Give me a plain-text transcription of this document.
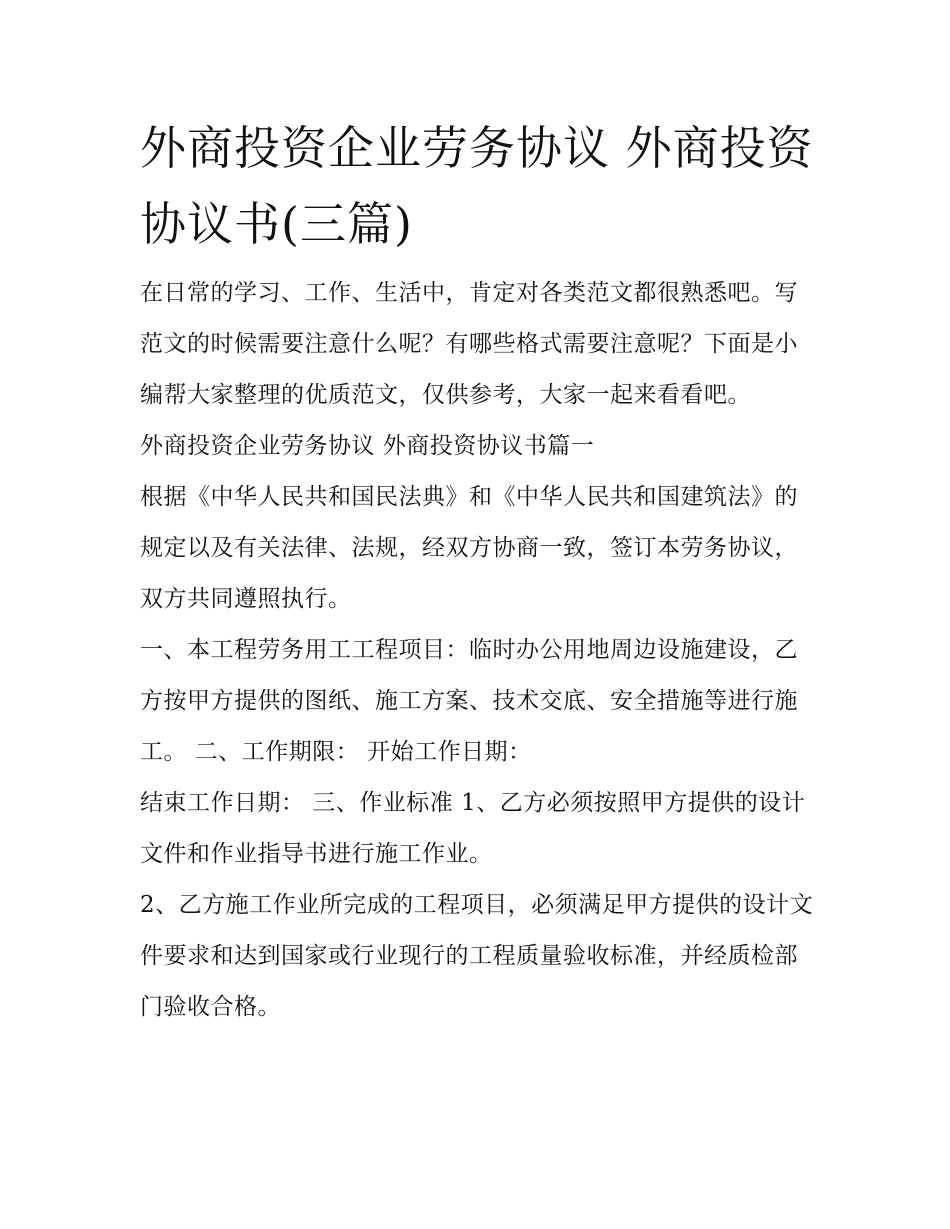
外商投资企业劳务协议 外商投资协议书(三篇)

在日常的学习、工作、生活中，肯定对各类范文都很熟悉吧。写范文的时候需要注意什么呢？有哪些格式需要注意呢？下面是小编帮大家整理的优质范文，仅供参考，大家一起来看看吧。

外商投资企业劳务协议 外商投资协议书篇一

根据《中华人民共和国民法典》和《中华人民共和国建筑法》的规定以及有关法律、法规，经双方协商一致，签订本劳务协议，双方共同遵照执行。

一、本工程劳务用工工程项目：临时办公用地周边设施建设，乙方按甲方提供的图纸、施工方案、技术交底、安全措施等进行施工。 二、工作期限： 开始工作日期：

结束工作日期： 三、作业标准 1、乙方必须按照甲方提供的设计文件和作业指导书进行施工作业。

2、乙方施工作业所完成的工程项目，必须满足甲方提供的设计文件要求和达到国家或行业现行的工程质量验收标准，并经质检部门验收合格。
